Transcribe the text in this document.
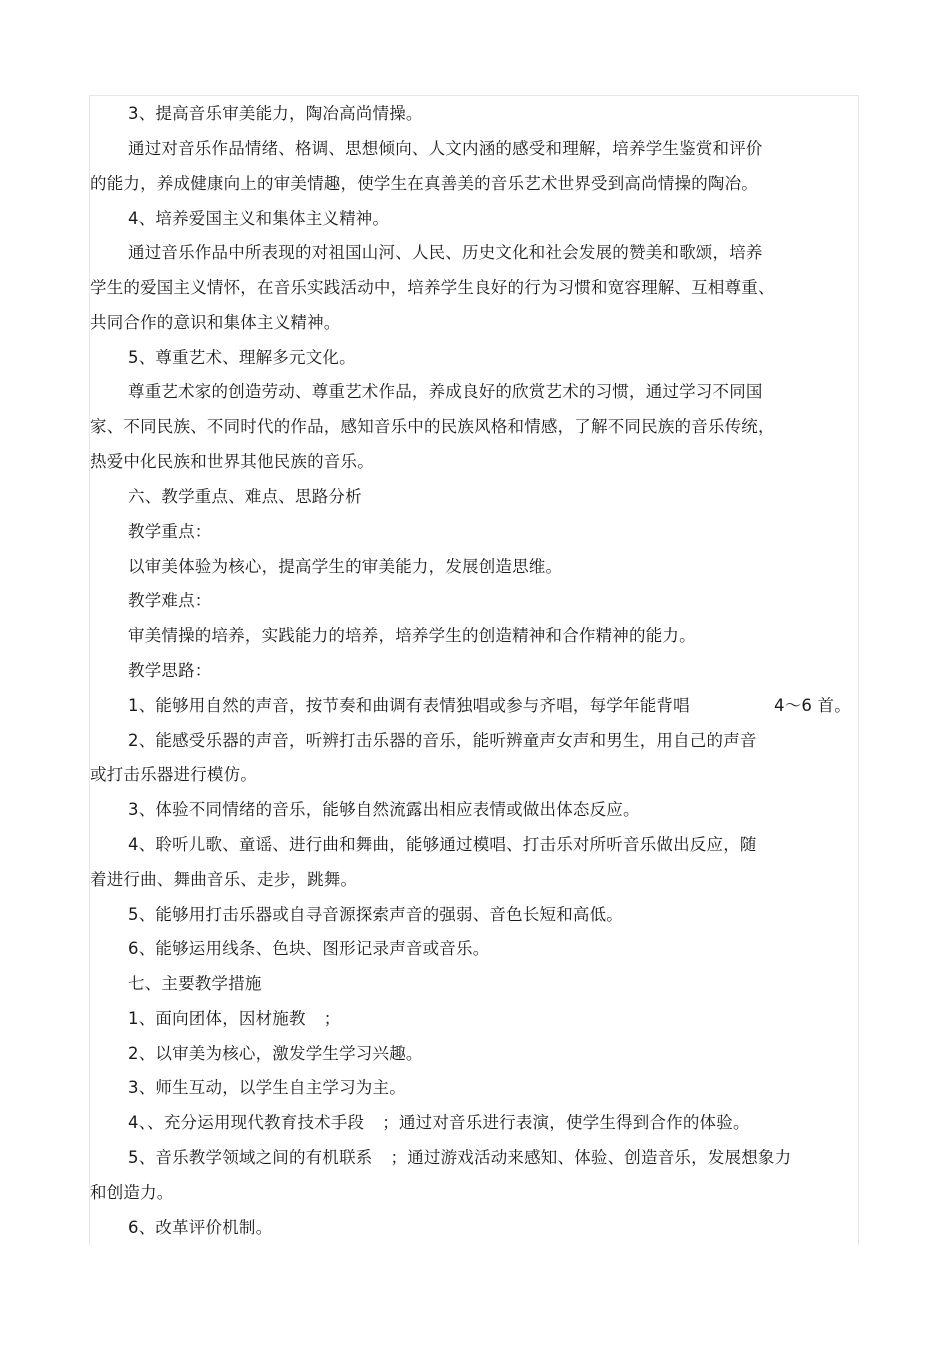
3、提高音乐审美能力，陶冶高尚情操。
通过对音乐作品情绪、格调、思想倾向、人文内涵的感受和理解，培养学生鉴赏和评价
的能力，养成健康向上的审美情趣，使学生在真善美的音乐艺术世界受到高尚情操的陶冶。
4、培养爱国主义和集体主义精神。
通过音乐作品中所表现的对祖国山河、人民、历史文化和社会发展的赞美和歌颂，培养
学生的爱国主义情怀，在音乐实践活动中，培养学生良好的行为习惯和宽容理解、互相尊重、
共同合作的意识和集体主义精神。
5、尊重艺术、理解多元文化。
尊重艺术家的创造劳动、尊重艺术作品，养成良好的欣赏艺术的习惯，通过学习不同国
家、不同民族、不同时代的作品，感知音乐中的民族风格和情感，了解不同民族的音乐传统，
热爱中化民族和世界其他民族的音乐。
六、教学重点、难点、思路分析
教学重点：
以审美体验为核心，提高学生的审美能力，发展创造思维。
教学难点：
审美情操的培养，实践能力的培养，培养学生的创造精神和合作精神的能力。
教学思路：
1、能够用自然的声音，按节奏和曲调有表情独唱或参与齐唱，每学年能背唱	4～6 首。
2、能感受乐器的声音，听辨打击乐器的音乐，能听辨童声女声和男生，用自己的声音
或打击乐器进行模仿。
3、体验不同情绪的音乐，能够自然流露出相应表情或做出体态反应。
4、聆听儿歌、童谣、进行曲和舞曲，能够通过模唱、打击乐对所听音乐做出反应，随
着进行曲、舞曲音乐、走步，跳舞。
5、能够用打击乐器或自寻音源探索声音的强弱、音色长短和高低。
6、能够运用线条、色块、图形记录声音或音乐。
七、主要教学措施
1、面向团体，因材施教 ；
2、以审美为核心，激发学生学习兴趣。
3、师生互动，以学生自主学习为主。
4、、充分运用现代教育技术手段 ；通过对音乐进行表演，使学生得到合作的体验。
5、音乐教学领域之间的有机联系 ；通过游戏活动来感知、体验、创造音乐，发展想象力
和创造力。
6、改革评价机制。
